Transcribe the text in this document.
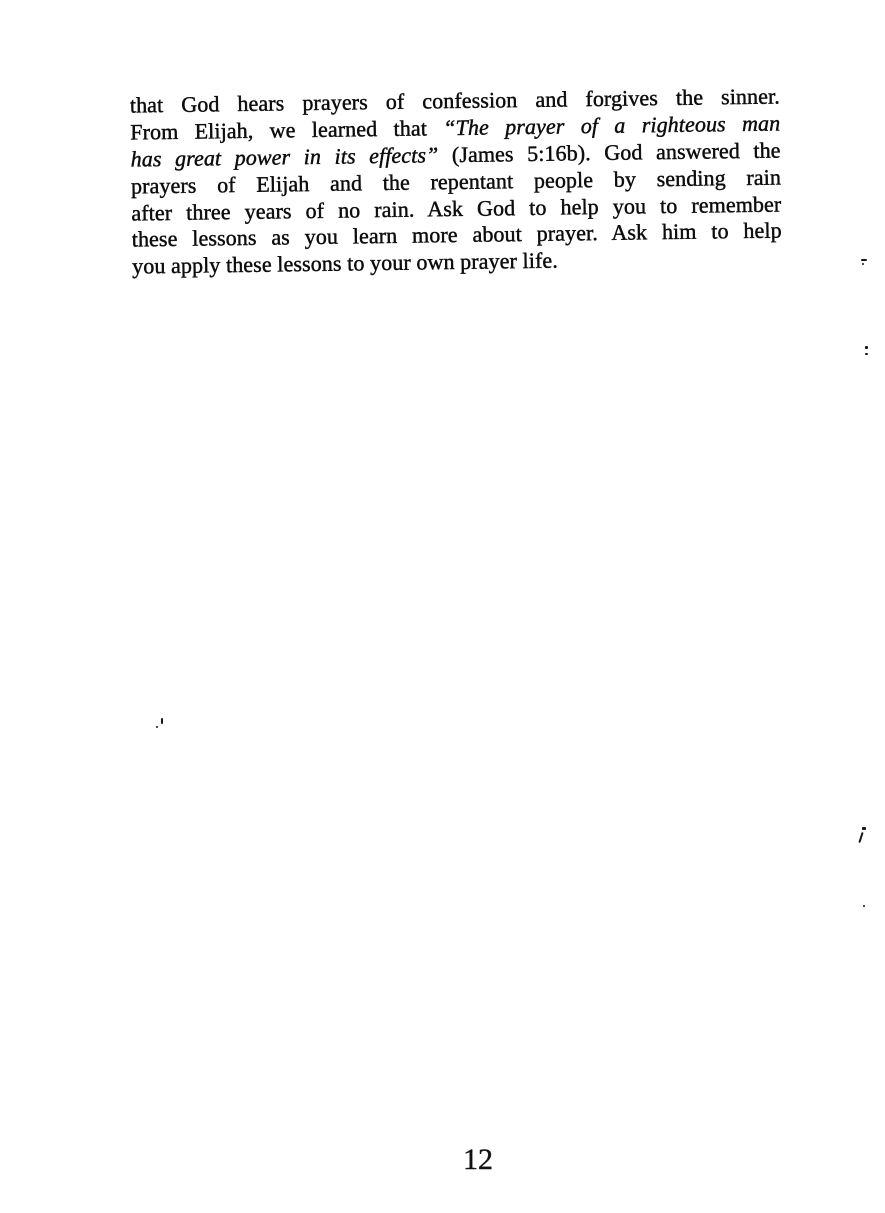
that God hears prayers of confession and forgives the sinner.
From Elijah, we learned that “The prayer of a righteous man
has great power in its effects” (James 5:16b). God answered the
prayers of Elijah and the repentant people by sending rain
after three years of no rain. Ask God to help you to remember
these lessons as you learn more about prayer. Ask him to help
you apply these lessons to your own prayer life.
12
